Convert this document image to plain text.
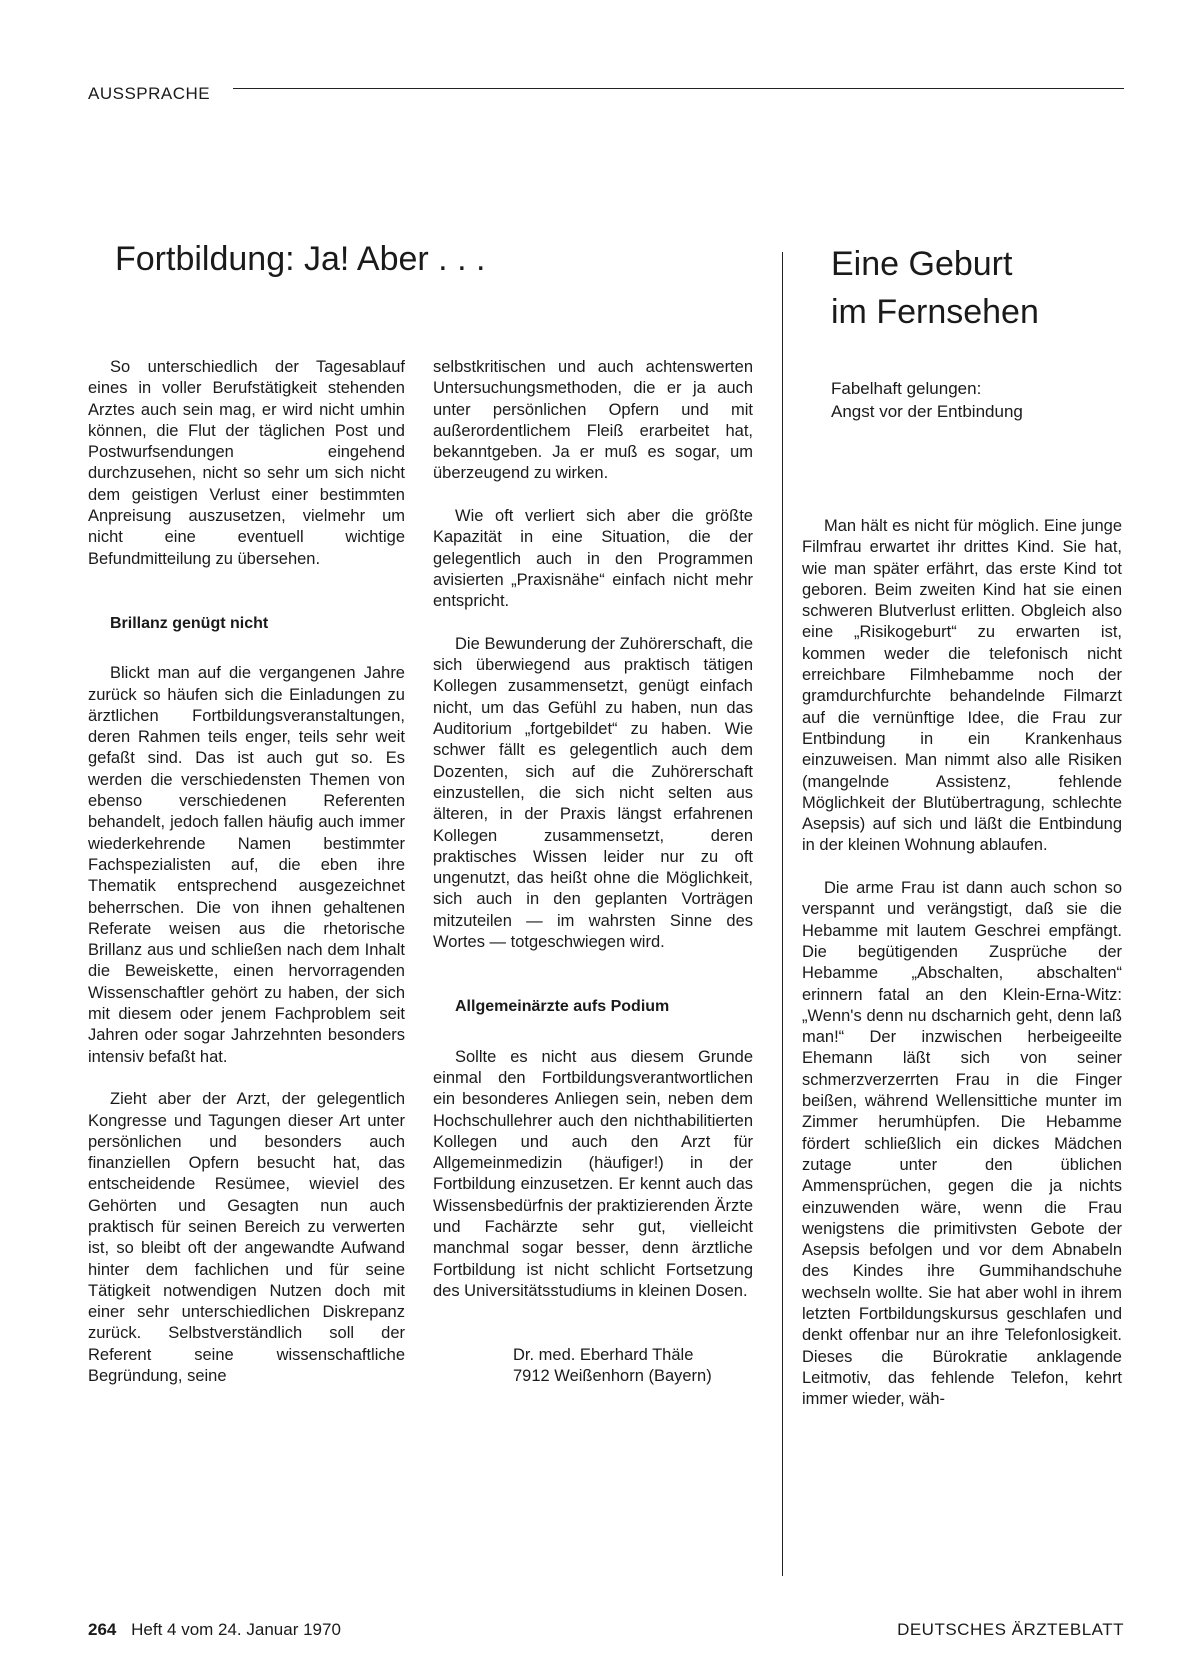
AUSSPRACHE
Fortbildung: Ja! Aber . . .

So unterschiedlich der Tagesablauf eines in voller Berufstätigkeit stehenden Arztes auch sein mag, er wird nicht umhin können, die Flut der täglichen Post und Postwurfsendungen eingehend durchzusehen, nicht so sehr um sich nicht dem geistigen Verlust einer bestimmten Anpreisung auszusetzen, vielmehr um nicht eine eventuell wichtige Befundmitteilung zu übersehen.

Brillanz genügt nicht

Blickt man auf die vergangenen Jahre zurück so häufen sich die Einladungen zu ärztlichen Fortbildungsveranstaltungen, deren Rahmen teils enger, teils sehr weit gefaßt sind. Das ist auch gut so. Es werden die verschiedensten Themen von ebenso verschiedenen Referenten behandelt, jedoch fallen häufig auch immer wiederkehrende Namen bestimmter Fachspezialisten auf, die eben ihre Thematik entsprechend ausgezeichnet beherrschen. Die von ihnen gehaltenen Referate weisen aus die rhetorische Brillanz aus und schließen nach dem Inhalt die Beweiskette, einen hervorragenden Wissenschaftler gehört zu haben, der sich mit diesem oder jenem Fachproblem seit Jahren oder sogar Jahrzehnten besonders intensiv befaßt hat.

Zieht aber der Arzt, der gelegentlich Kongresse und Tagungen dieser Art unter persönlichen und besonders auch finanziellen Opfern besucht hat, das entscheidende Resümee, wieviel des Gehörten und Gesagten nun auch praktisch für seinen Bereich zu verwerten ist, so bleibt oft der angewandte Aufwand hinter dem fachlichen und für seine Tätigkeit notwendigen Nutzen doch mit einer sehr unterschiedlichen Diskrepanz zurück. Selbstverständlich soll der Referent seine wissenschaftliche Begründung, seine

selbstkritischen und auch achtenswerten Untersuchungsmethoden, die er ja auch unter persönlichen Opfern und mit außerordentlichem Fleiß erarbeitet hat, bekanntgeben. Ja er muß es sogar, um überzeugend zu wirken.

Wie oft verliert sich aber die größte Kapazität in eine Situation, die der gelegentlich auch in den Programmen avisierten „Praxisnähe“ einfach nicht mehr entspricht.

Die Bewunderung der Zuhörerschaft, die sich überwiegend aus praktisch tätigen Kollegen zusammensetzt, genügt einfach nicht, um das Gefühl zu haben, nun das Auditorium „fortgebildet“ zu haben. Wie schwer fällt es gelegentlich auch dem Dozenten, sich auf die Zuhörerschaft einzustellen, die sich nicht selten aus älteren, in der Praxis längst erfahrenen Kollegen zusammensetzt, deren praktisches Wissen leider nur zu oft ungenutzt, das heißt ohne die Möglichkeit, sich auch in den geplanten Vorträgen mitzuteilen — im wahrsten Sinne des Wortes — totgeschwiegen wird.

Allgemeinärzte aufs Podium

Sollte es nicht aus diesem Grunde einmal den Fortbildungsverantwortlichen ein besonderes Anliegen sein, neben dem Hochschullehrer auch den nichthabilitierten Kollegen und auch den Arzt für Allgemeinmedizin (häufiger!) in der Fortbildung einzusetzen. Er kennt auch das Wissensbedürfnis der praktizierenden Ärzte und Fachärzte sehr gut, vielleicht manchmal sogar besser, denn ärztliche Fortbildung ist nicht schlicht Fortsetzung des Universitätsstudiums in kleinen Dosen.

Dr. med. Eberhard Thäle
7912 Weißenhorn (Bayern)
Eine Geburt
im Fernsehen
Fabelhaft gelungen:
Angst vor der Entbindung

Man hält es nicht für möglich. Eine junge Filmfrau erwartet ihr drittes Kind. Sie hat, wie man später erfährt, das erste Kind tot geboren. Beim zweiten Kind hat sie einen schweren Blutverlust erlitten. Obgleich also eine „Risikogeburt“ zu erwarten ist, kommen weder die telefonisch nicht erreichbare Filmhebamme noch der gramdurchfurchte behandelnde Filmarzt auf die vernünftige Idee, die Frau zur Entbindung in ein Krankenhaus einzuweisen. Man nimmt also alle Risiken (mangelnde Assistenz, fehlende Möglichkeit der Blutübertragung, schlechte Asepsis) auf sich und läßt die Entbindung in der kleinen Wohnung ablaufen.

Die arme Frau ist dann auch schon so verspannt und verängstigt, daß sie die Hebamme mit lautem Geschrei empfängt. Die begütigenden Zusprüche der Hebamme „Abschalten, abschalten“ erinnern fatal an den Klein-Erna-Witz: „Wenn's denn nu dscharnich geht, denn laß man!“ Der inzwischen herbeigeeilte Ehemann läßt sich von seiner schmerzverzerrten Frau in die Finger beißen, während Wellensittiche munter im Zimmer herumhüpfen. Die Hebamme fördert schließlich ein dickes Mädchen zutage unter den üblichen Ammensprüchen, gegen die ja nichts einzuwenden wäre, wenn die Frau wenigstens die primitivsten Gebote der Asepsis befolgen und vor dem Abnabeln des Kindes ihre Gummihandschuhe wechseln wollte. Sie hat aber wohl in ihrem letzten Fortbildungskursus geschlafen und denkt offenbar nur an ihre Telefonlosigkeit. Dieses die Bürokratie anklagende Leitmotiv, das fehlende Telefon, kehrt immer wieder, wäh-

264 Heft 4 vom 24. Januar 1970	DEUTSCHES ÄRZTEBLATT
